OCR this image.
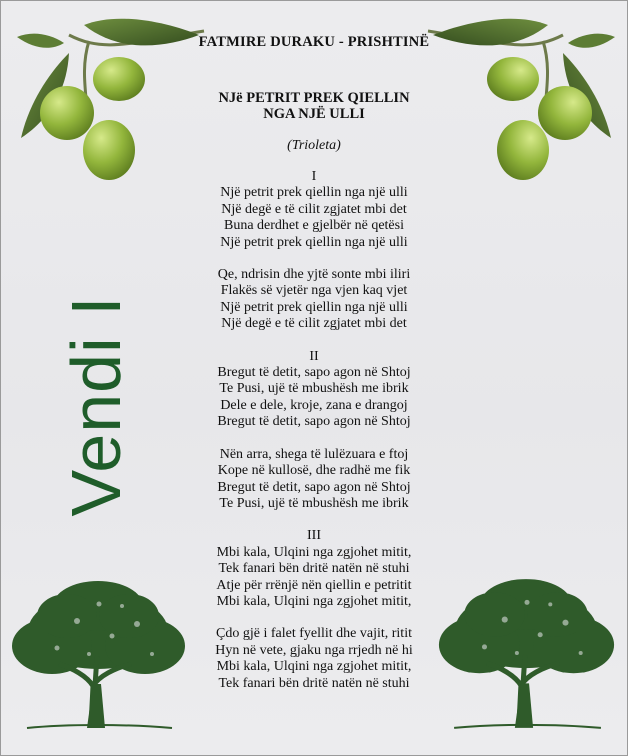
FATMIRE DURAKU - PRISHTINË
NJë PETRIT PREK QIELLIN
NGA NJË ULLI
(Trioleta)
Vendi I
I
Një petrit prek qiellin nga një ulli
Një degë e të cilit zgjatet mbi det
Buna derdhet e gjelbër në qetësi
Një petrit prek qiellin nga një ulli
Qe, ndrisin dhe yjtë sonte mbi iliri
Flakës së vjetër nga vjen kaq vjet
Një petrit prek qiellin nga një ulli
Një degë e të cilit zgjatet mbi det
II
Bregut të detit, sapo agon në Shtoj
Te Pusi, ujë të mbushësh me ibrik
Dele e dele, kroje, zana e drangoj
Bregut të detit, sapo agon në Shtoj
Nën arra, shega të lulëzuara e ftoj
Kope në kullosë, dhe radhë me fik
Bregut të detit, sapo agon në Shtoj
Te Pusi, ujë të mbushësh me ibrik
III
Mbi kala, Ulqini nga zgjohet mitit,
Tek fanari bën dritë natën në stuhi
Atje për rrënjë nën qiellin e petritit
Mbi kala, Ulqini nga zgjohet mitit,
Çdo gjë i falet fyellit dhe vajit, ritit
Hyn në vete, gjaku nga rrjedh në hi
Mbi kala, Ulqini nga zgjohet mitit,
Tek fanari bën dritë natën në stuhi
